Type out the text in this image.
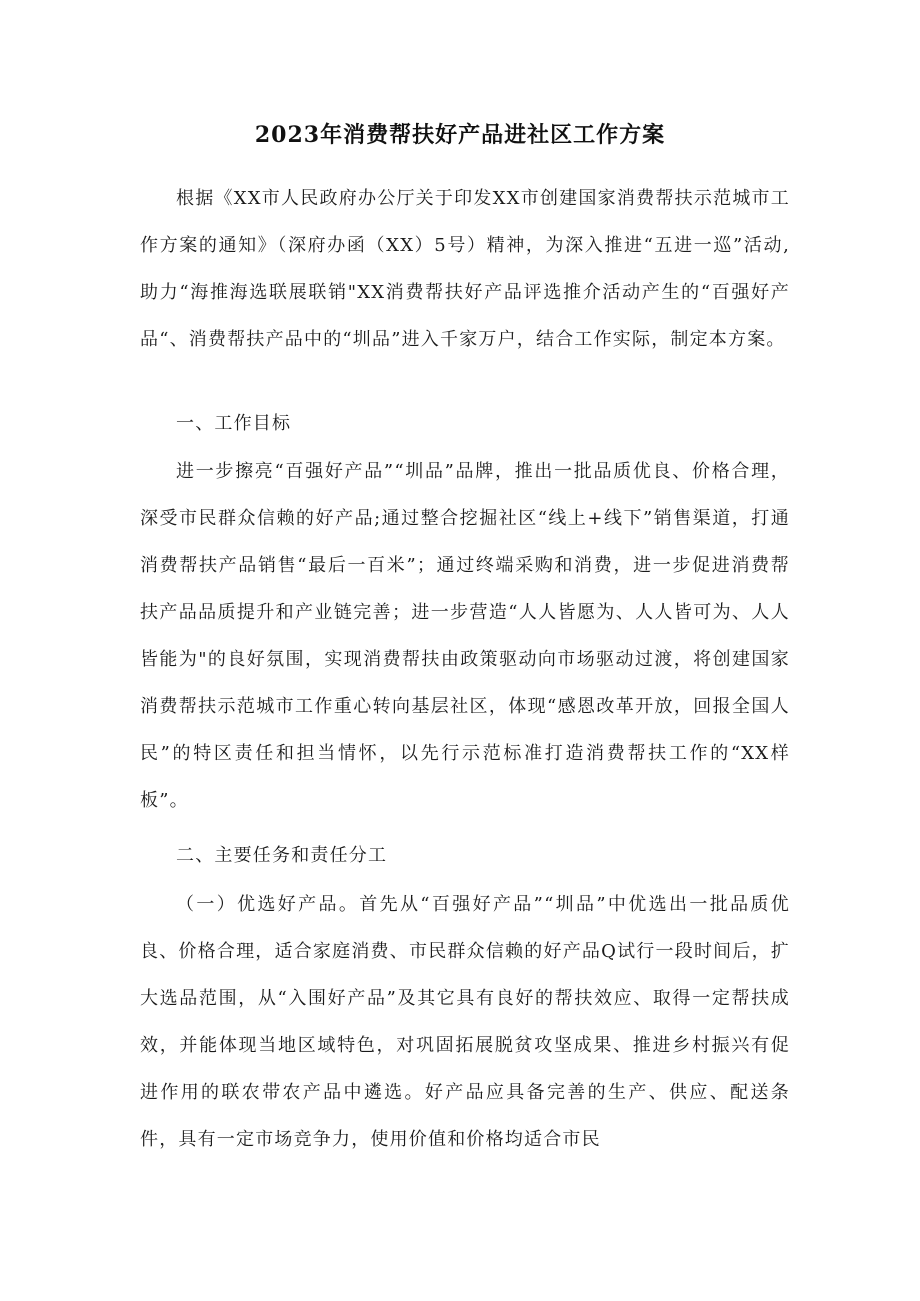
2023年消费帮扶好产品进社区工作方案

根据《XX市人民政府办公厅关于印发XX市创建国家消费帮扶示范城市工作方案的通知》（深府办函（XX）5号）精神，为深入推进“五进一巡”活动,助力“海推海选联展联销"XX消费帮扶好产品评选推介活动产生的“百强好产品“、消费帮扶产品中的“圳品”进入千家万户，结合工作实际，制定本方案。

一、工作目标

进一步擦亮“百强好产品”“圳品”品牌，推出一批品质优良、价格合理，深受市民群众信赖的好产品;通过整合挖掘社区“线上+线下”销售渠道，打通消费帮扶产品销售“最后一百米”；通过终端采购和消费，进一步促进消费帮扶产品品质提升和产业链完善；进一步营造“人人皆愿为、人人皆可为、人人皆能为"的良好氛围，实现消费帮扶由政策驱动向市场驱动过渡，将创建国家消费帮扶示范城市工作重心转向基层社区，体现“感恩改革开放，回报全国人民”的特区责任和担当情怀，以先行示范标准打造消费帮扶工作的“XX样板”。

二、主要任务和责任分工

（一）优选好产品。首先从“百强好产品”“圳品”中优选出一批品质优良、价格合理，适合家庭消费、市民群众信赖的好产品Q试行一段时间后，扩大选品范围，从“入围好产品”及其它具有良好的帮扶效应、取得一定帮扶成效，并能体现当地区域特色，对巩固拓展脱贫攻坚成果、推进乡村振兴有促进作用的联农带农产品中遴选。好产品应具备完善的生产、供应、配送条件，具有一定市场竞争力，使用价值和价格均适合市民
